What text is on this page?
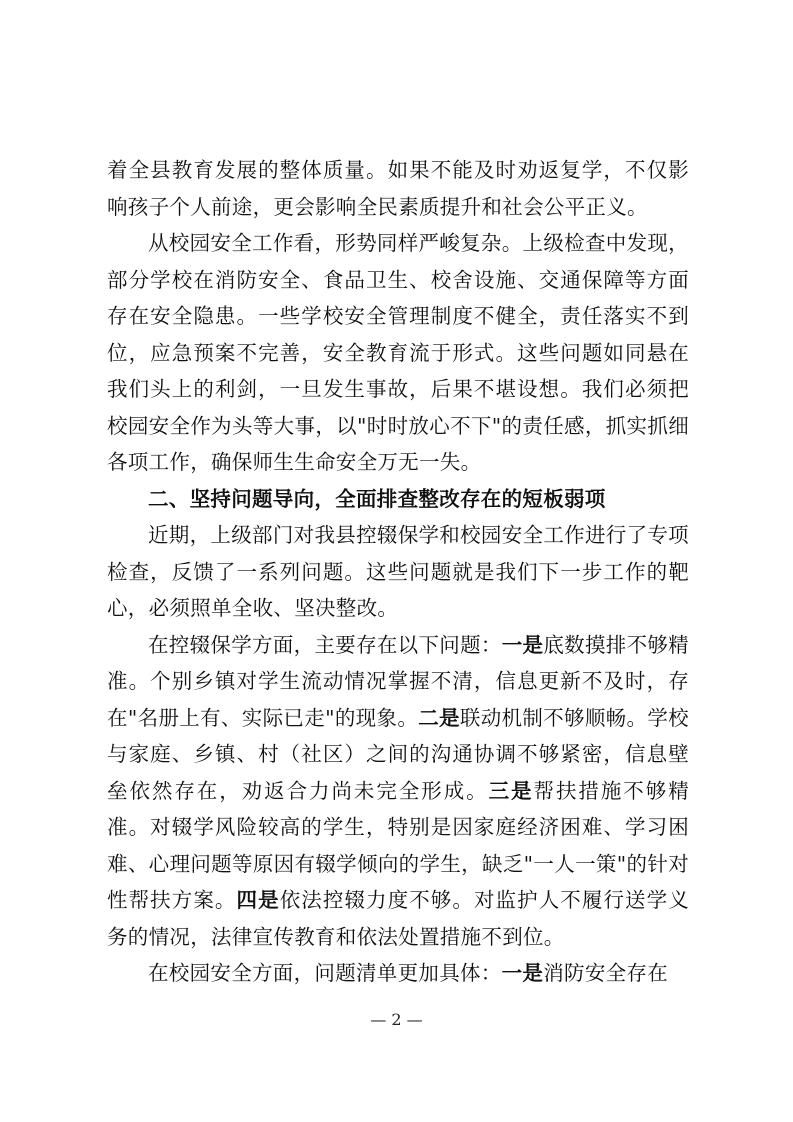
着全县教育发展的整体质量。如果不能及时劝返复学，不仅影响孩子个人前途，更会影响全民素质提升和社会公平正义。

从校园安全工作看，形势同样严峻复杂。上级检查中发现，部分学校在消防安全、食品卫生、校舍设施、交通保障等方面存在安全隐患。一些学校安全管理制度不健全，责任落实不到位，应急预案不完善，安全教育流于形式。这些问题如同悬在我们头上的利剑，一旦发生事故，后果不堪设想。我们必须把校园安全作为头等大事，以"时时放心不下"的责任感，抓实抓细各项工作，确保师生生命安全万无一失。

二、坚持问题导向，全面排查整改存在的短板弱项

近期，上级部门对我县控辍保学和校园安全工作进行了专项检查，反馈了一系列问题。这些问题就是我们下一步工作的靶心，必须照单全收、坚决整改。

在控辍保学方面，主要存在以下问题：一是底数摸排不够精准。个别乡镇对学生流动情况掌握不清，信息更新不及时，存在"名册上有、实际已走"的现象。二是联动机制不够顺畅。学校与家庭、乡镇、村（社区）之间的沟通协调不够紧密，信息壁垒依然存在，劝返合力尚未完全形成。三是帮扶措施不够精准。对辍学风险较高的学生，特别是因家庭经济困难、学习困难、心理问题等原因有辍学倾向的学生，缺乏"一人一策"的针对性帮扶方案。四是依法控辍力度不够。对监护人不履行送学义务的情况，法律宣传教育和依法处置措施不到位。

在校园安全方面，问题清单更加具体：一是消防安全存在

— 2 —
